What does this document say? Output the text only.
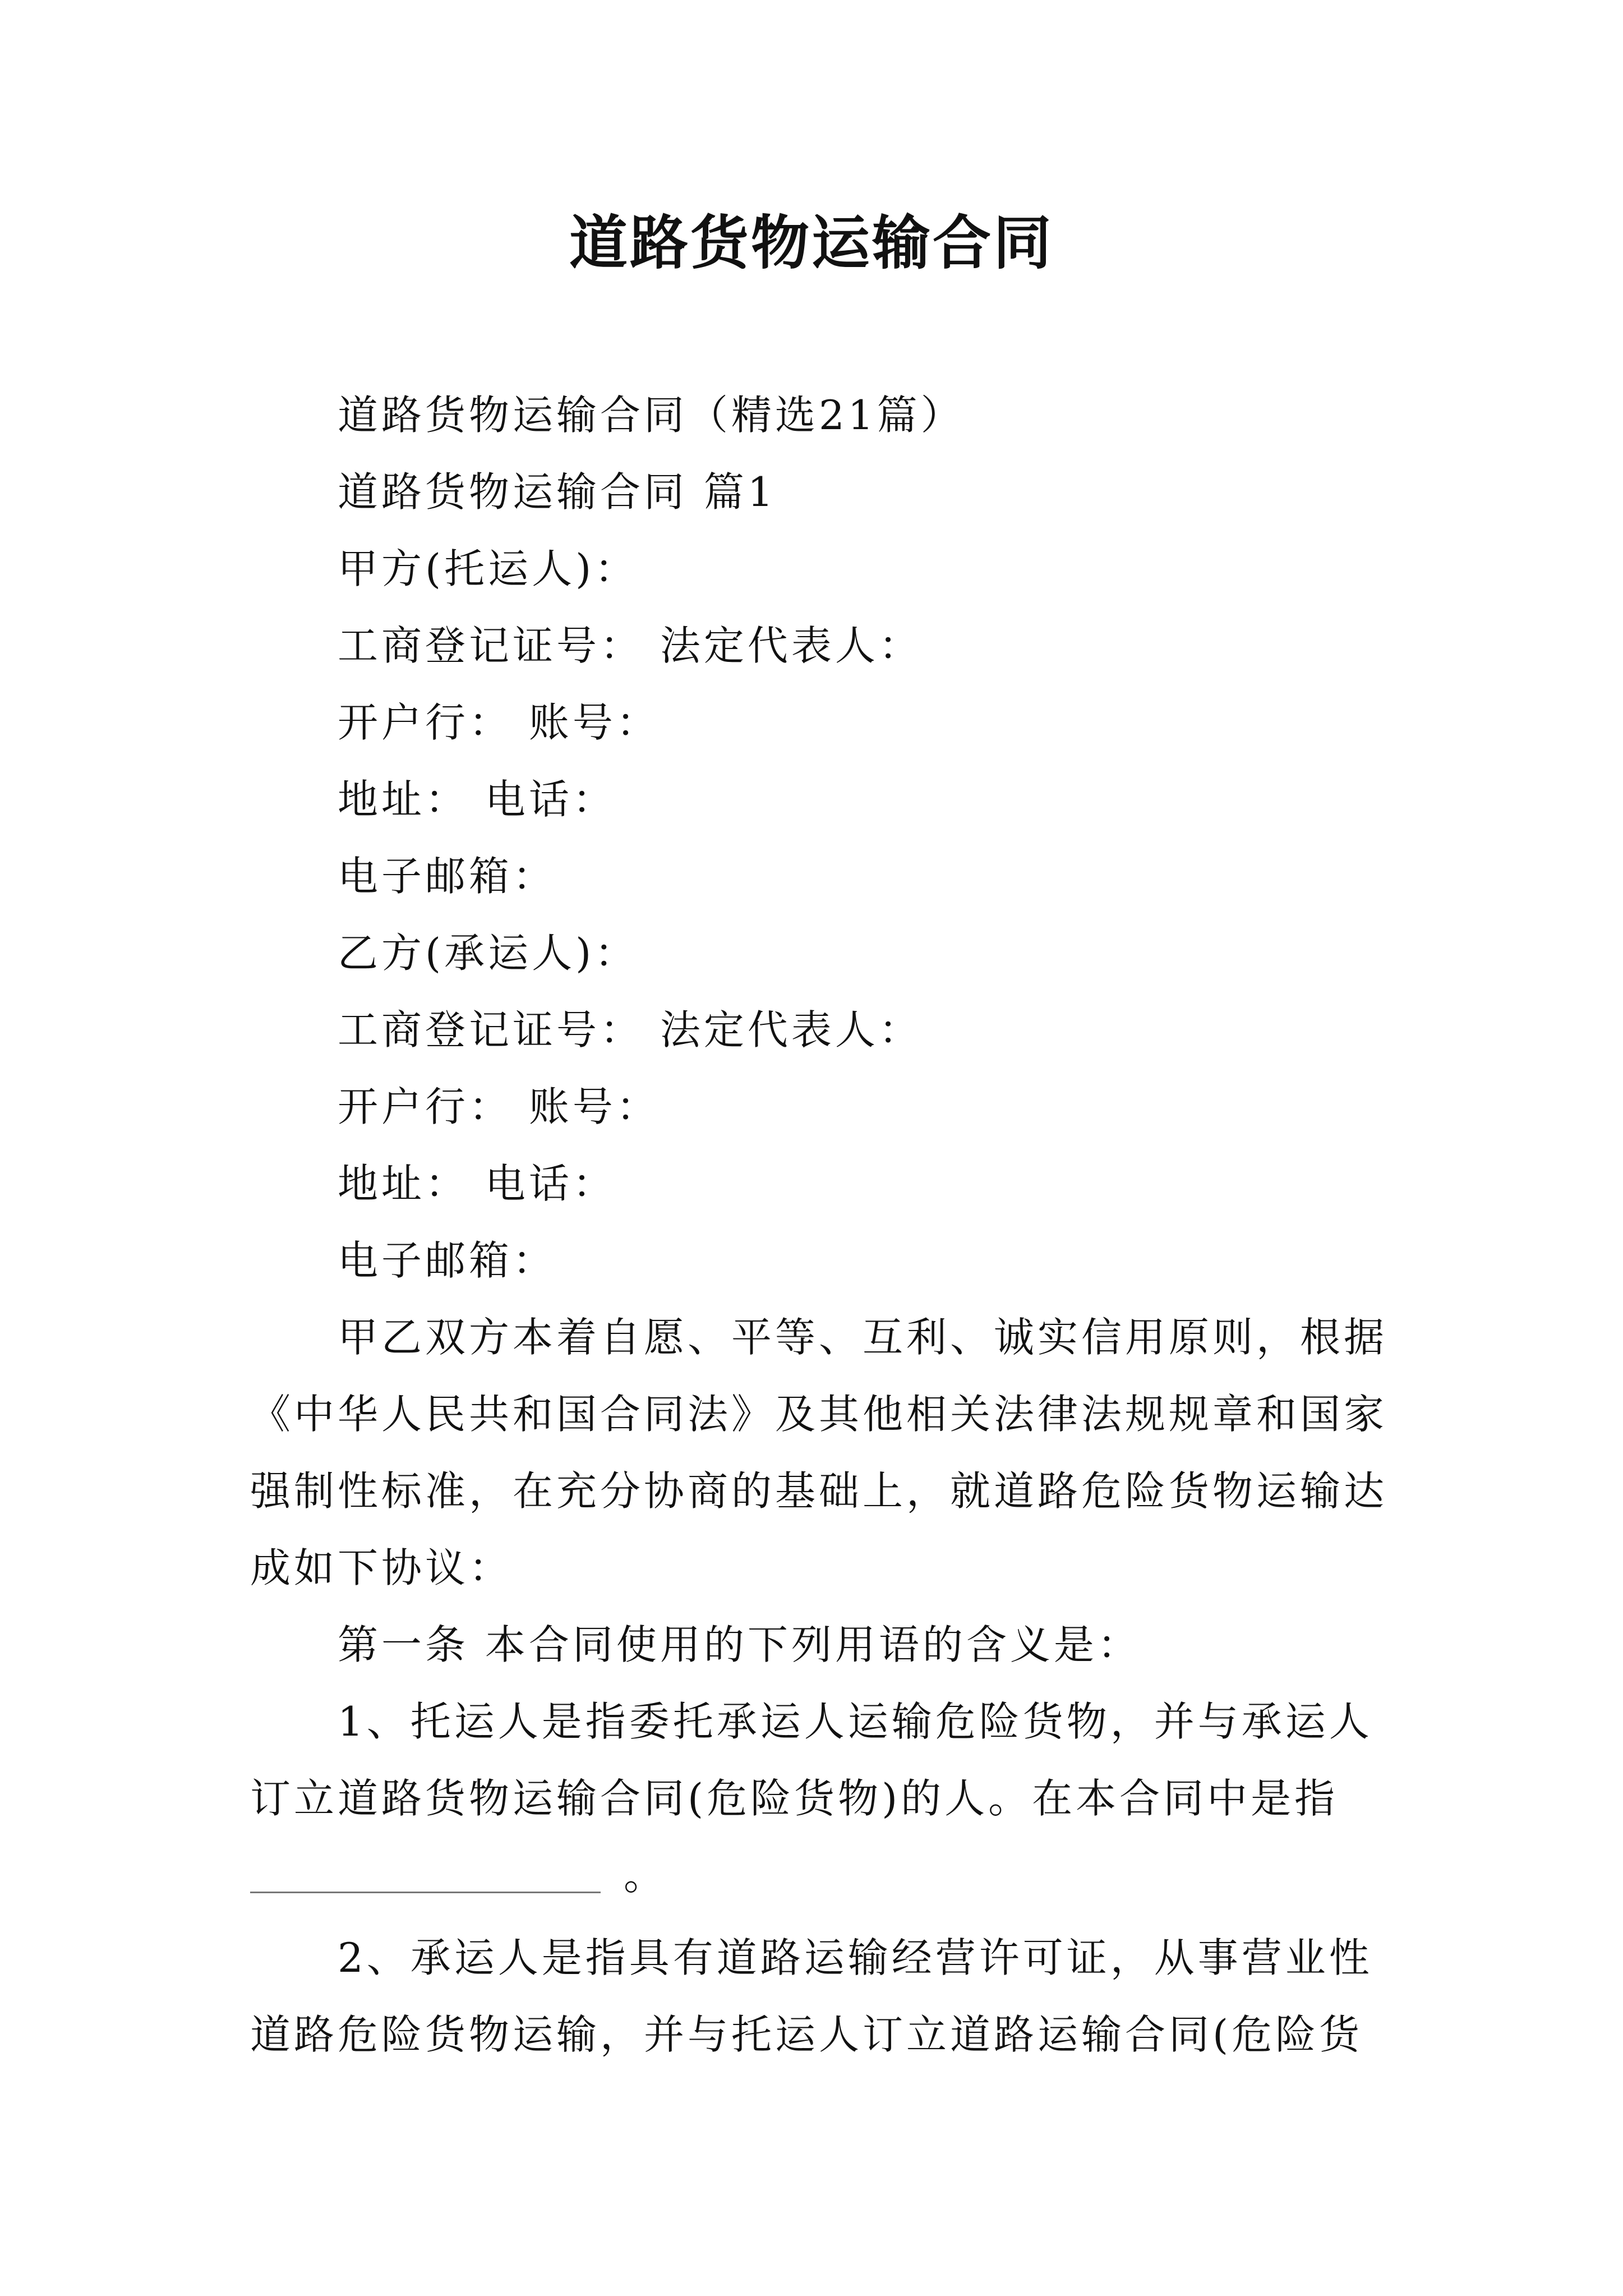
道路货物运输合同
道路货物运输合同（精选21篇）
道路货物运输合同 篇1
甲方(托运人)：
工商登记证号： 法定代表人：
开户行： 账号：
地址： 电话：
电子邮箱：
乙方(承运人)：
工商登记证号： 法定代表人：
开户行： 账号：
地址： 电话：
电子邮箱：
甲乙双方本着自愿、平等、互利、诚实信用原则，根据
《中华人民共和国合同法》及其他相关法律法规规章和国家
强制性标准，在充分协商的基础上，就道路危险货物运输达
成如下协议：
第一条 本合同使用的下列用语的含义是：
1、托运人是指委托承运人运输危险货物，并与承运人
订立道路货物运输合同(危险货物)的人。在本合同中是指
。
2、承运人是指具有道路运输经营许可证，从事营业性
道路危险货物运输，并与托运人订立道路运输合同(危险货
